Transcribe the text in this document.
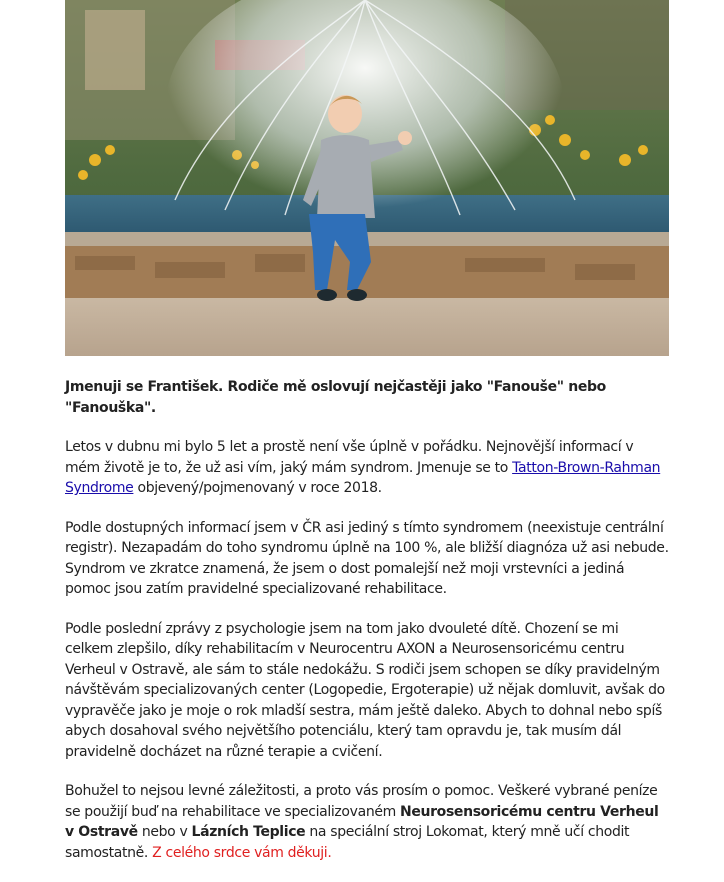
Jmenuji se František. Rodiče mě oslovují nejčastěji jako "Fanouše" nebo "Fanouška".

Letos v dubnu mi bylo 5 let a prostě není vše úplně v pořádku. Nejnovější informací v mém životě je to, že už asi vím, jaký mám syndrom. Jmenuje se to Tatton-Brown-Rahman Syndrome objevený/pojmenovaný v roce 2018.

Podle dostupných informací jsem v ČR asi jediný s tímto syndromem (neexistuje centrální registr). Nezapadám do toho syndromu úplně na 100 %, ale bližší diagnóza už asi nebude. Syndrom ve zkratce znamená, že jsem o dost pomalejší než moji vrstevníci a jediná pomoc jsou zatím pravidelné specializované rehabilitace.

Podle poslední zprávy z psychologie jsem na tom jako dvouleté dítě. Chození se mi celkem zlepšilo, díky rehabilitacím v Neurocentru AXON a Neurosensoricému centru Verheul v Ostravě, ale sám to stále nedokážu. S rodiči jsem schopen se díky pravidelným návštěvám specializovaných center (Logopedie, Ergoterapie) už nějak domluvit, avšak do vypravěče jako je moje o rok mladší sestra, mám ještě daleko. Abych to dohnal nebo spíš abych dosahoval svého největšího potenciálu, který tam opravdu je, tak musím dál pravidelně docházet na různé terapie a cvičení.

Bohužel to nejsou levné záležitosti, a proto vás prosím o pomoc. Veškeré vybrané peníze se použijí buď na rehabilitace ve specializovaném Neurosensoricému centru Verheul v Ostravě nebo v Lázních Teplice na speciální stroj Lokomat, který mně učí chodit samostatně. Z celého srdce vám děkuji.
